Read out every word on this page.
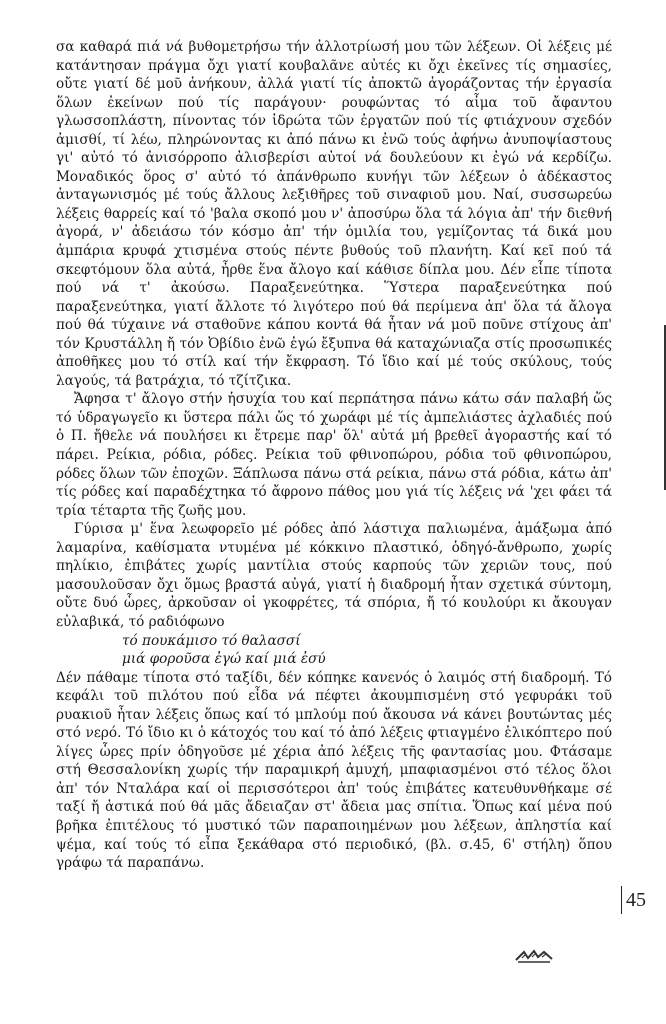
σα καθαρά πιά νά βυθομετρήσω τήν ἀλλοτρίωσή μου τῶν λέξεων. Οἱ λέξεις μέ κατάντησαν πράγμα ὄχι γιατί κουβαλᾶνε αὐτές κι ὄχι ἐκεῖνες τίς σημασίες, οὔτε γιατί δέ μοῦ ἀνήκουν, ἀλλά γιατί τίς ἀποκτῶ ἀγοράζοντας τήν ἐργασία ὅλων ἐκείνων πού τίς παράγουν· ρουφώντας τό αἷμα τοῦ ἄφαντου γλωσσοπλάστη, πίνοντας τόν ἱδρώτα τῶν ἐργατῶν πού τίς φτιάχνουν σχεδόν ἀμισθί, τί λέω, πληρώνοντας κι ἀπό πάνω κι ἐνῶ τούς ἀφήνω ἀνυποψίαστους γι' αὐτό τό ἀνισόρροπο ἀλισβερίσι αὐτοί νά δουλεύουν κι ἐγώ νά κερδίζω. Μοναδικός ὅρος σ' αὐτό τό ἀπάνθρωπο κυνήγι τῶν λέξεων ὁ ἀδέκαστος ἀνταγωνισμός μέ τούς ἄλλους λεξιθῆρες τοῦ σιναφιοῦ μου. Ναί, συσσωρεύω λέξεις θαρρείς καί τό 'βαλα σκοπό μου ν' ἀποσύρω ὅλα τά λόγια ἀπ' τήν διεθνή ἀγορά, ν' ἀδειάσω τόν κόσμο ἀπ' τήν ὁμιλία του, γεμίζοντας τά δικά μου ἀμπάρια κρυφά χτισμένα στούς πέντε βυθούς τοῦ πλανήτη. Καί κεῖ πού τά σκεφτόμουν ὅλα αὐτά, ἦρθε ἕνα ἄλογο καί κάθισε δίπλα μου. Δέν εἶπε τίποτα πού νά τ' ἀκούσω. Παραξενεύτηκα. Ὕστερα παραξενεύτηκα πού παραξενεύτηκα, γιατί ἄλλοτε τό λιγότερο πού θά περίμενα ἀπ' ὅλα τά ἄλογα πού θά τύχαινε νά σταθοῦνε κάπου κοντά θά ἦταν νά μοῦ ποῦνε στίχους ἀπ' τόν Κρυστάλλη ἤ τόν Ὀβίδιο ἐνῶ ἐγώ ἔξυπνα θά καταχώνιαζα στίς προσωπικές ἀποθῆκες μου τό στίλ καί τήν ἔκφραση. Τό ἴδιο καί μέ τούς σκύλους, τούς λαγούς, τά βατράχια, τό τζίτζικα.

Ἄφησα τ' ἄλογο στήν ἡσυχία του καί περπάτησα πάνω κάτω σάν παλαβή ὥς τό ὑδραγωγεῖο κι ὕστερα πάλι ὥς τό χωράφι μέ τίς ἀμπελιάστες ἀχλαδιές πού ὁ Π. ἤθελε νά πουλήσει κι ἔτρεμε παρ' ὅλ' αὐτά μή βρεθεῖ ἀγοραστής καί τό πάρει. Ρείκια, ρόδια, ρόδες. Ρείκια τοῦ φθινοπώρου, ρόδια τοῦ φθινοπώρου, ρόδες ὅλων τῶν ἐποχῶν. Ξάπλωσα πάνω στά ρείκια, πάνω στά ρόδια, κάτω ἀπ' τίς ρόδες καί παραδέχτηκα τό ἄφρονο πάθος μου γιά τίς λέξεις νά 'χει φάει τά τρία τέταρτα τῆς ζωῆς μου.

Γύρισα μ' ἕνα λεωφορεῖο μέ ρόδες ἀπό λάστιχα παλιωμένα, ἁμάξωμα ἀπό λαμαρίνα, καθίσματα ντυμένα μέ κόκκινο πλαστικό, ὁδηγό-ἄνθρωπο, χωρίς πηλίκιο, ἐπιβάτες χωρίς μαντίλια στούς καρπούς τῶν χεριῶν τους, πού μασουλοῦσαν ὄχι ὅμως βραστά αὐγά, γιατί ἡ διαδρομή ἦταν σχετικά σύντομη, οὔτε δυό ὧρες, ἀρκοῦσαν οἱ γκοφρέτες, τά σπόρια, ἤ τό κουλούρι κι ἄκουγαν εὐλαβικά, τό ραδιόφωνο

τό πουκάμισο τό θαλασσί

μιά φορoῦσα ἐγώ καί μιά ἐσύ

Δέν πάθαμε τίποτα στό ταξίδι, δέν κόπηκε κανενός ὁ λαιμός στή διαδρομή. Τό κεφάλι τοῦ πιλότου πού εἶδα νά πέφτει ἀκουμπισμένη στό γεφυράκι τοῦ ρυακιοῦ ἦταν λέξεις ὅπως καί τό μπλούμ πού ἄκουσα νά κάνει βουτώντας μές στό νερό. Τό ἴδιο κι ὁ κάτοχός του καί τό ἀπό λέξεις φτιαγμένο ἑλικόπτερο πού λίγες ὧρες πρίν ὁδηγοῦσε μέ χέρια ἀπό λέξεις τῆς φαντασίας μου. Φτάσαμε στή Θεσσαλονίκη χωρίς τήν παραμικρή ἀμυχή, μπαφιασμένοι στό τέλος ὅλοι ἀπ' τόν Νταλάρα καί οἱ περισσότεροι ἀπ' τούς ἐπιβάτες κατευθυνθήκαμε σέ ταξί ἤ ἀστικά πού θά μᾶς ἄδειαζαν στ' ἄδεια μας σπίτια. Ὅπως καί μένα πού βρῆκα ἐπιτέλους τό μυστικό τῶν παραποιημένων μου λέξεων, ἀπληστία καί ψέμα, καί τούς τό εἶπα ξεκάθαρα στό περιοδικό, (βλ. σ.45, 6' στήλη) ὅπου γράφω τά παραπάνω.

45
